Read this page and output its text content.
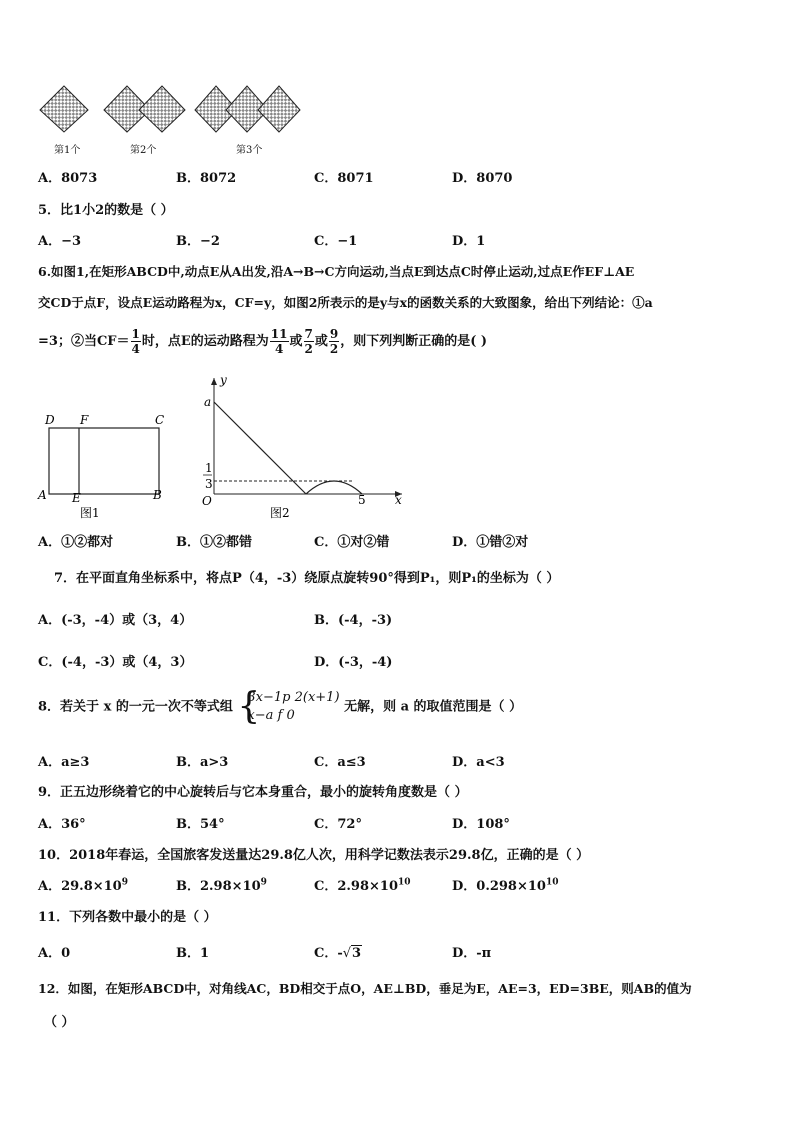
第1个	第2个	第3个
A．8073	B．8072	C．8071	D．8070
5．比1小2的数是（ ）
A．−3	B．−2	C．−1	D．1
6.如图1,在矩形ABCD中,动点E从A出发,沿A→B→C方向运动,当点E到达点C时停止运动,过点E作EF⊥AE
交CD于点F，设点E运动路程为x，CF=y，如图2所表示的是y与x的函数关系的大致图象，给出下列结论：①a
=3；②当$CF= \frac{1}{4}$ 时，点E的运动路程为 $\frac{11}{4}$ 或 $\frac{7}{2}$ 或 $\frac{9}{2}$ ，则下列判断正确的是( )
D F	C
A E	B
图1
y
a
1
3
O	5 x
图2
A．①②都对	B．①②都错	C．①对②错	D．①错②对
7．在平面直角坐标系中，将点P（4，-3）绕原点旋转90°得到P₁，则P₁的坐标为（ ）
A．(-3，-4）或（3，4）	B．(-4，-3)
C．(-4，-3）或（4，3）	D．(-3，-4)
8．若关于 x 的一元一次不等式组 {
3x−1p 2(x+1)
x−a f 0
无解，则 a 的取值范围是（ ）
A．a≥3	B．a>3	C．a≤3	D．a<3
9．正五边形绕着它的中心旋转后与它本身重合，最小的旋转角度数是（ ）
A．36°	B．54°	C．72°	D．108°
10．2018年春运，全国旅客发送量达29.8亿人次，用科学记数法表示29.8亿，正确的是（ ）
A．$29.8\times 10^9$	B．$2.98\times 10^9$	C．$2.98\times 10^{10}$	D．$0.298\times 10^{10}$
11．下列各数中最小的是（ ）
A．0	B．1	C．-√3	D．-π
12．如图，在矩形ABCD中，对角线AC，BD相交于点O，AE⊥BD，垂足为E，AE=3，ED=3BE，则AB的值为
（ ）
